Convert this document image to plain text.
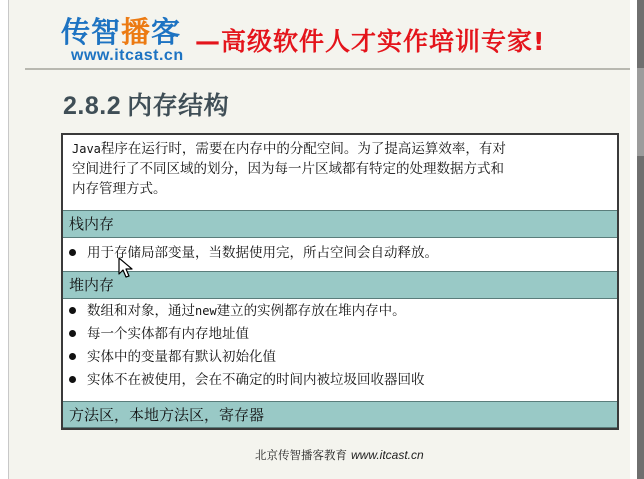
传智播客
www.itcast.cn —高级软件人才实作培训专家!
2.8.2 内存结构
Java程序在运行时，需要在内存中的分配空间。为了提高运算效率，有对
空间进行了不同区域的划分，因为每一片区域都有特定的处理数据方式和
内存管理方式。
栈内存
用于存储局部变量，当数据使用完，所占空间会自动释放。
堆内存
数组和对象，通过new建立的实例都存放在堆内存中。
每一个实体都有内存地址值
实体中的变量都有默认初始化值
实体不在被使用，会在不确定的时间内被垃圾回收器回收
方法区，本地方法区，寄存器
北京传智播客教育 www.itcast.cn
